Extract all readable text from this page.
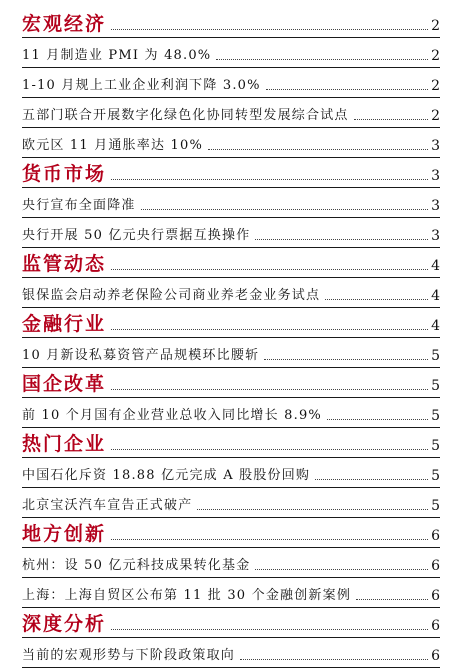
宏观经济	2
11 月制造业 PMI 为 48.0%	2
1-10 月规上工业企业利润下降 3.0%	2
五部门联合开展数字化绿色化协同转型发展综合试点	2
欧元区 11 月通胀率达 10%	3
货币市场	3
央行宣布全面降准	3
央行开展 50 亿元央行票据互换操作	3
监管动态	4
银保监会启动养老保险公司商业养老金业务试点	4
金融行业	4
10 月新设私募资管产品规模环比腰斩	5
国企改革	5
前 10 个月国有企业营业总收入同比增长 8.9%	5
热门企业	5
中国石化斥资 18.88 亿元完成 A 股股份回购	5
北京宝沃汽车宣告正式破产	5
地方创新	6
杭州：设 50 亿元科技成果转化基金	6
上海：上海自贸区公布第 11 批 30 个金融创新案例	6
深度分析	6
当前的宏观形势与下阶段政策取向	6
